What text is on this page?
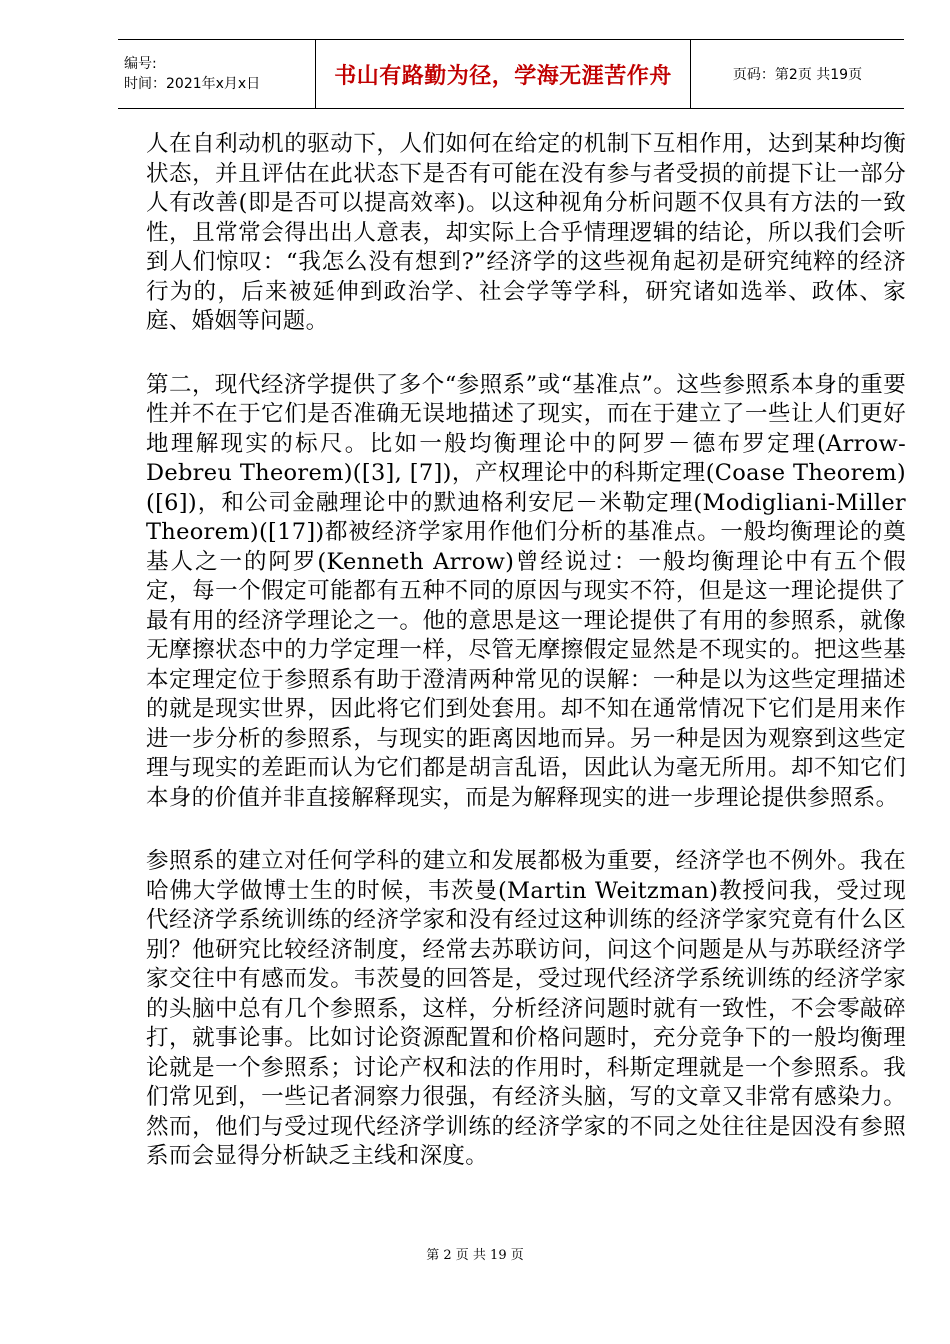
编号:
时间：2021年x月x日	书山有路勤为径，学海无涯苦作舟	页码：第2页 共19页

人在自利动机的驱动下，人们如何在给定的机制下互相作用，达到某种均衡状态，并且评估在此状态下是否有可能在没有参与者受损的前提下让一部分人有改善(即是否可以提高效率)。以这种视角分析问题不仅具有方法的一致性，且常常会得出出人意表，却实际上合乎情理逻辑的结论，所以我们会听到人们惊叹：“我怎么没有想到?”经济学的这些视角起初是研究纯粹的经济行为的，后来被延伸到政治学、社会学等学科，研究诸如选举、政体、家庭、婚姻等问题。

第二，现代经济学提供了多个“参照系”或“基准点”。这些参照系本身的重要性并不在于它们是否准确无误地描述了现实，而在于建立了一些让人们更好地理解现实的标尺。比如一般均衡理论中的阿罗－德布罗定理(Arrow-Debreu Theorem)([3], [7])，产权理论中的科斯定理(Coase Theorem)([6])，和公司金融理论中的默迪格利安尼－米勒定理(Modigliani-Miller Theorem)([17])都被经济学家用作他们分析的基准点。一般均衡理论的奠基人之一的阿罗(Kenneth Arrow)曾经说过：一般均衡理论中有五个假定，每一个假定可能都有五种不同的原因与现实不符，但是这一理论提供了最有用的经济学理论之一。他的意思是这一理论提供了有用的参照系，就像无摩擦状态中的力学定理一样，尽管无摩擦假定显然是不现实的。把这些基本定理定位于参照系有助于澄清两种常见的误解：一种是以为这些定理描述的就是现实世界，因此将它们到处套用。却不知在通常情况下它们是用来作进一步分析的参照系，与现实的距离因地而异。另一种是因为观察到这些定理与现实的差距而认为它们都是胡言乱语，因此认为毫无所用。却不知它们本身的价值并非直接解释现实，而是为解释现实的进一步理论提供参照系。

参照系的建立对任何学科的建立和发展都极为重要，经济学也不例外。我在哈佛大学做博士生的时候，韦茨曼(Martin Weitzman)教授问我，受过现代经济学系统训练的经济学家和没有经过这种训练的经济学家究竟有什么区别？他研究比较经济制度，经常去苏联访问，问这个问题是从与苏联经济学家交往中有感而发。韦茨曼的回答是，受过现代经济学系统训练的经济学家的头脑中总有几个参照系，这样，分析经济问题时就有一致性，不会零敲碎打，就事论事。比如讨论资源配置和价格问题时，充分竞争下的一般均衡理论就是一个参照系；讨论产权和法的作用时，科斯定理就是一个参照系。我们常见到，一些记者洞察力很强，有经济头脑，写的文章又非常有感染力。然而，他们与受过现代经济学训练的经济学家的不同之处往往是因没有参照系而会显得分析缺乏主线和深度。

第 2 页 共 19 页
